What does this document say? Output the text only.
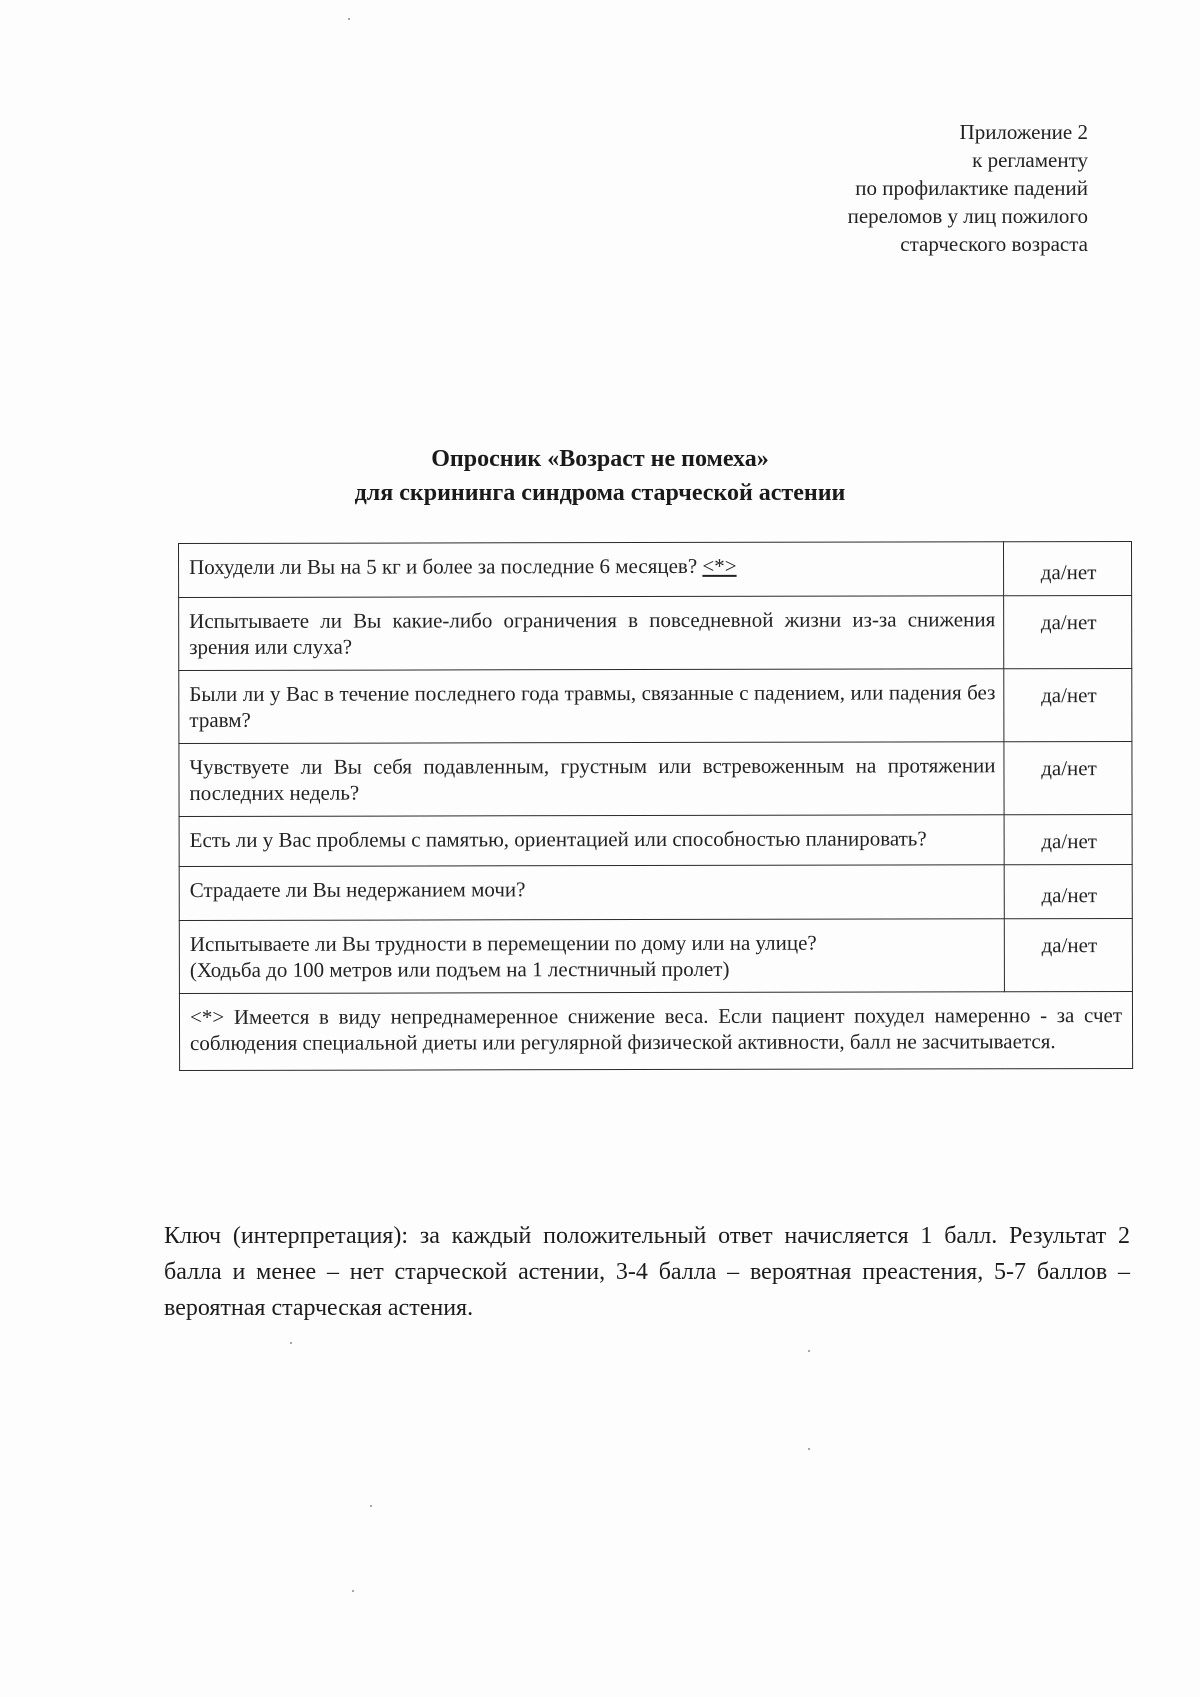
Приложение 2
к регламенту
по профилактике падений
переломов у лиц пожилого
старческого возраста
Опросник «Возраст не помеха»
для скрининга синдрома старческой астении
Похудели ли Вы на 5 кг и более за последние 6 месяцев? <*>	да/нет
Испытываете ли Вы какие-либо ограничения в повседневной жизни из-за снижения зрения или слуха?	да/нет
Были ли у Вас в течение последнего года травмы, связанные с падением, или падения без травм?	да/нет
Чувствуете ли Вы себя подавленным, грустным или встревоженным на протяжении последних недель?	да/нет
Есть ли у Вас проблемы с памятью, ориентацией или способностью планировать?	да/нет
Страдаете ли Вы недержанием мочи?	да/нет

Испытываете ли Вы трудности в перемещении по дому или на улице?
(Ходьба до 100 метров или подъем на 1 лестничный пролет)	да/нет
<*> Имеется в виду непреднамеренное снижение веса. Если пациент похудел намеренно - за счет соблюдения специальной диеты или регулярной физической активности, балл не засчитывается.	
Ключ (интерпретация): за каждый положительный ответ начисляется 1 балл. Результат 2 балла и менее – нет старческой астении, 3-4 балла – вероятная преастения, 5-7 баллов – вероятная старческая астения.
